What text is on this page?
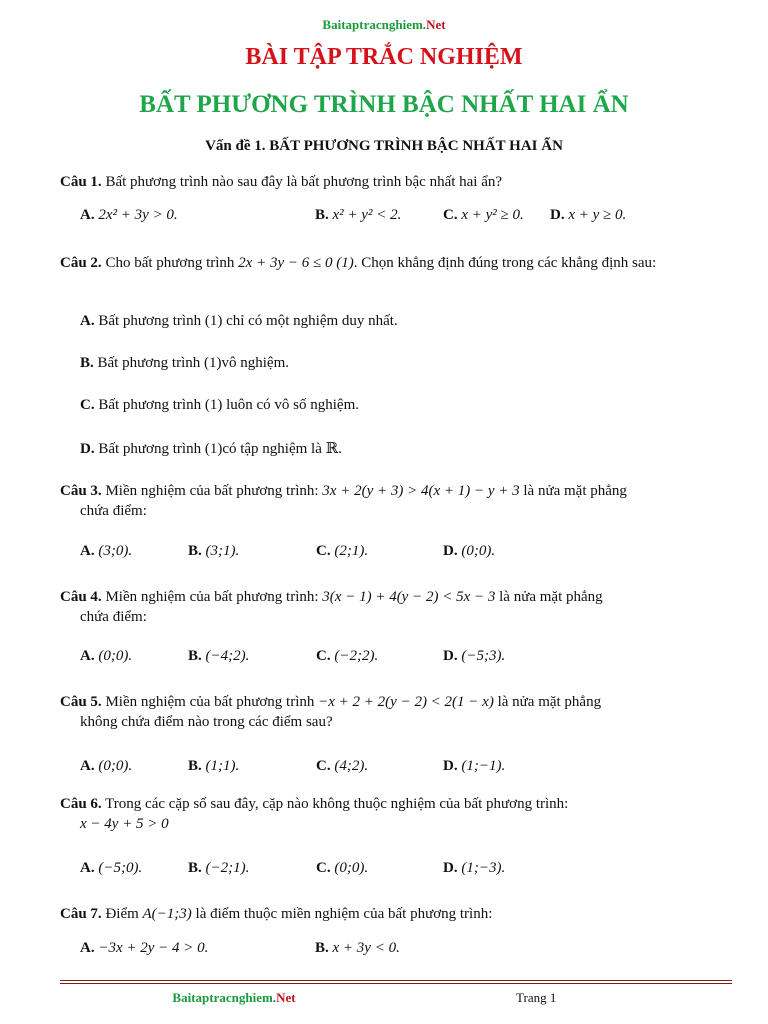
Baitaptracnghiem.Net
BÀI TẬP TRẮC NGHIỆM
BẤT PHƯƠNG TRÌNH BẬC NHẤT HAI ẨN
Vấn đề 1. BẤT PHƯƠNG TRÌNH BẬC NHẤT HAI ẨN
Câu 1. Bất phương trình nào sau đây là bất phương trình bậc nhất hai ẩn?
A. 2x² + 3y > 0.	B. x² + y² < 2.	C. x + y² ≥ 0. D. x + y ≥ 0.
Câu 2. Cho bất phương trình 2x + 3y − 6 ≤ 0 (1). Chọn khẳng định đúng trong các khẳng định sau:
A. Bất phương trình (1) chỉ có một nghiệm duy nhất.
B. Bất phương trình (1)vô nghiệm.
C. Bất phương trình (1) luôn có vô số nghiệm.
D. Bất phương trình (1)có tập nghiệm là ℝ.
Câu 3. Miền nghiệm của bất phương trình: 3x + 2(y + 3) > 4(x + 1) − y + 3 là nửa mặt phẳng
chứa điểm:
A. (3;0).	B. (3;1).	C. (2;1).	D. (0;0).
Câu 4. Miền nghiệm của bất phương trình: 3(x − 1) + 4(y − 2) < 5x − 3 là nửa mặt phẳng
chứa điểm:
A. (0;0).	B. (−4;2).	C. (−2;2).	D. (−5;3).
Câu 5. Miền nghiệm của bất phương trình −x + 2 + 2(y − 2) < 2(1 − x) là nửa mặt phẳng
không chứa điểm nào trong các điểm sau?
A. (0;0).	B. (1;1).	C. (4;2).	D. (1;−1).
Câu 6. Trong các cặp số sau đây, cặp nào không thuộc nghiệm của bất phương trình:
x − 4y + 5 > 0
A. (−5;0).	B. (−2;1).	C. (0;0).	D. (1;−3).
Câu 7. Điểm A(−1;3) là điểm thuộc miền nghiệm của bất phương trình:
A. −3x + 2y − 4 > 0.	B. x + 3y < 0.
Baitaptracnghiem.Net	Trang 1
